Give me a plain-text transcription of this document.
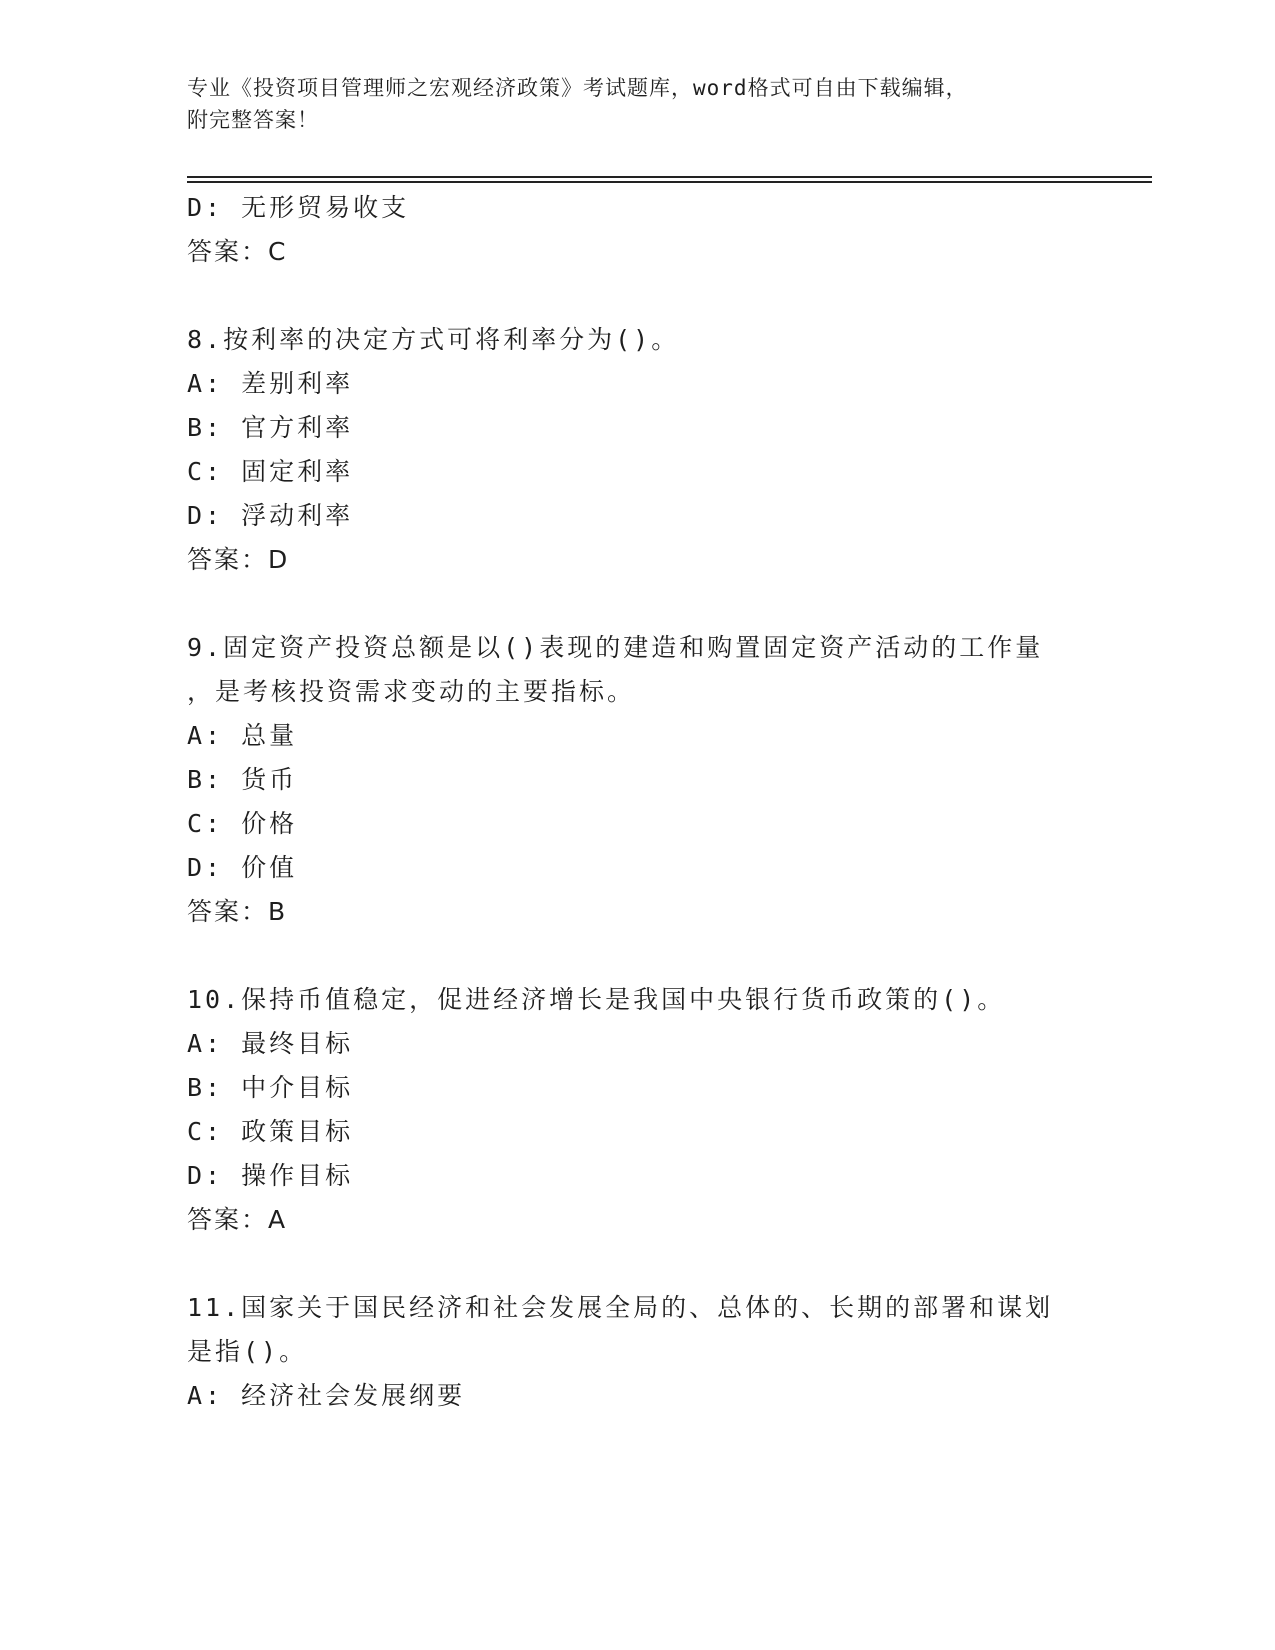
专业《投资项目管理师之宏观经济政策》考试题库，word格式可自由下载编辑，
附完整答案！
D: 无形贸易收支
答案：C
8.按利率的决定方式可将利率分为()。
A: 差别利率
B: 官方利率
C: 固定利率
D: 浮动利率
答案：D
9.固定资产投资总额是以()表现的建造和购置固定资产活动的工作量
，是考核投资需求变动的主要指标。
A: 总量
B: 货币
C: 价格
D: 价值
答案：B
10.保持币值稳定，促进经济增长是我国中央银行货币政策的()。
A: 最终目标
B: 中介目标
C: 政策目标
D: 操作目标
答案：A
11.国家关于国民经济和社会发展全局的、总体的、长期的部署和谋划
是指()。
A: 经济社会发展纲要
